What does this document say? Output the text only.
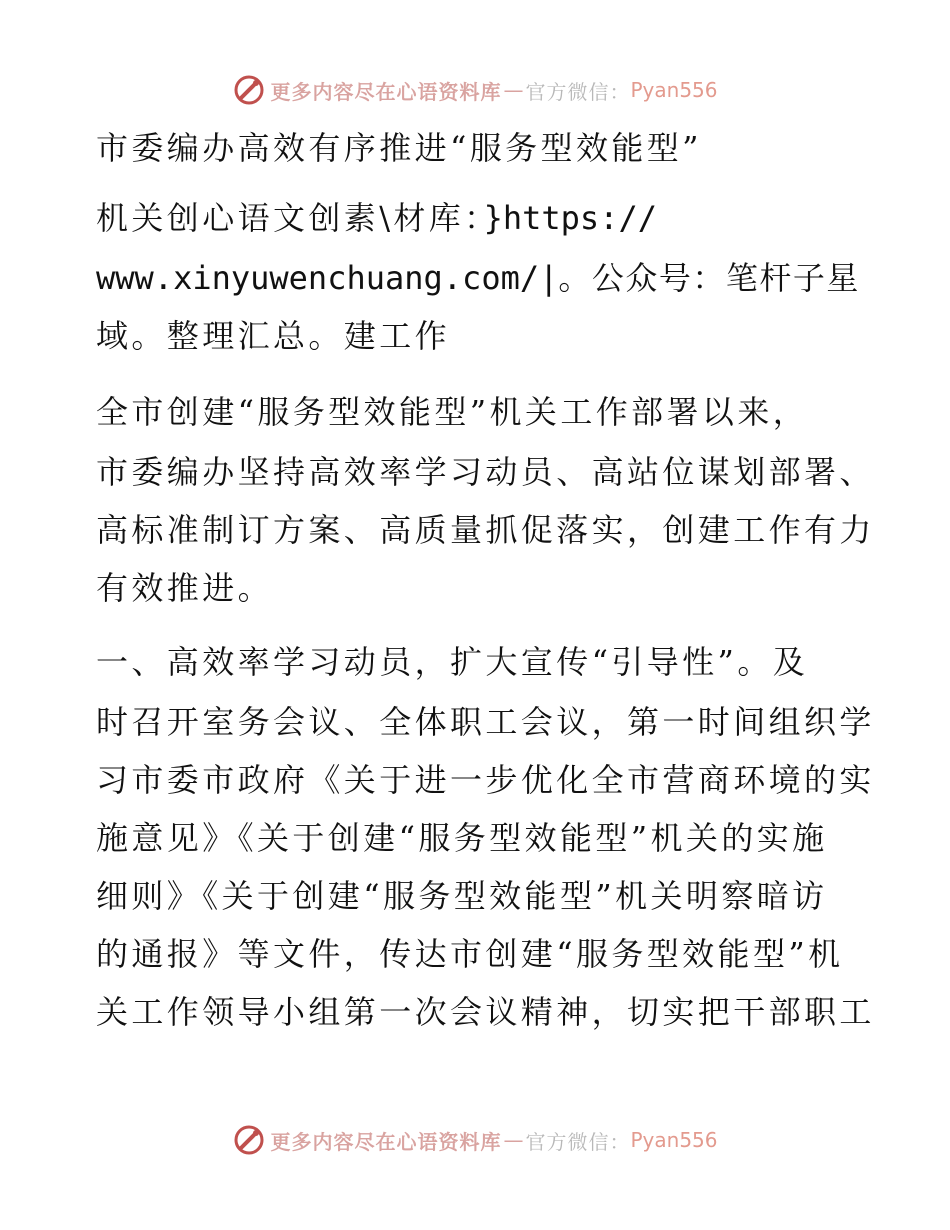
更多内容尽在心语资料库 — 官方微信： Pyan556
市委编办高效有序推进“服务型效能型”
机关创心语文创素\材库：}https://
www.xinyuwenchuang.com/|。公众号：笔杆子星
域。整理汇总。建工作
全市创建“服务型效能型”机关工作部署以来，
市委编办坚持高效率学习动员、高站位谋划部署、
高标准制订方案、高质量抓促落实，创建工作有力
有效推进。
一、高效率学习动员，扩大宣传“引导性”。及
时召开室务会议、全体职工会议，第一时间组织学
习市委市政府《关于进一步优化全市营商环境的实
施意见》《关于创建“服务型效能型”机关的实施
细则》《关于创建“服务型效能型”机关明察暗访
的通报》等文件，传达市创建“服务型效能型”机
关工作领导小组第一次会议精神，切实把干部职工
更多内容尽在心语资料库 — 官方微信： Pyan556
